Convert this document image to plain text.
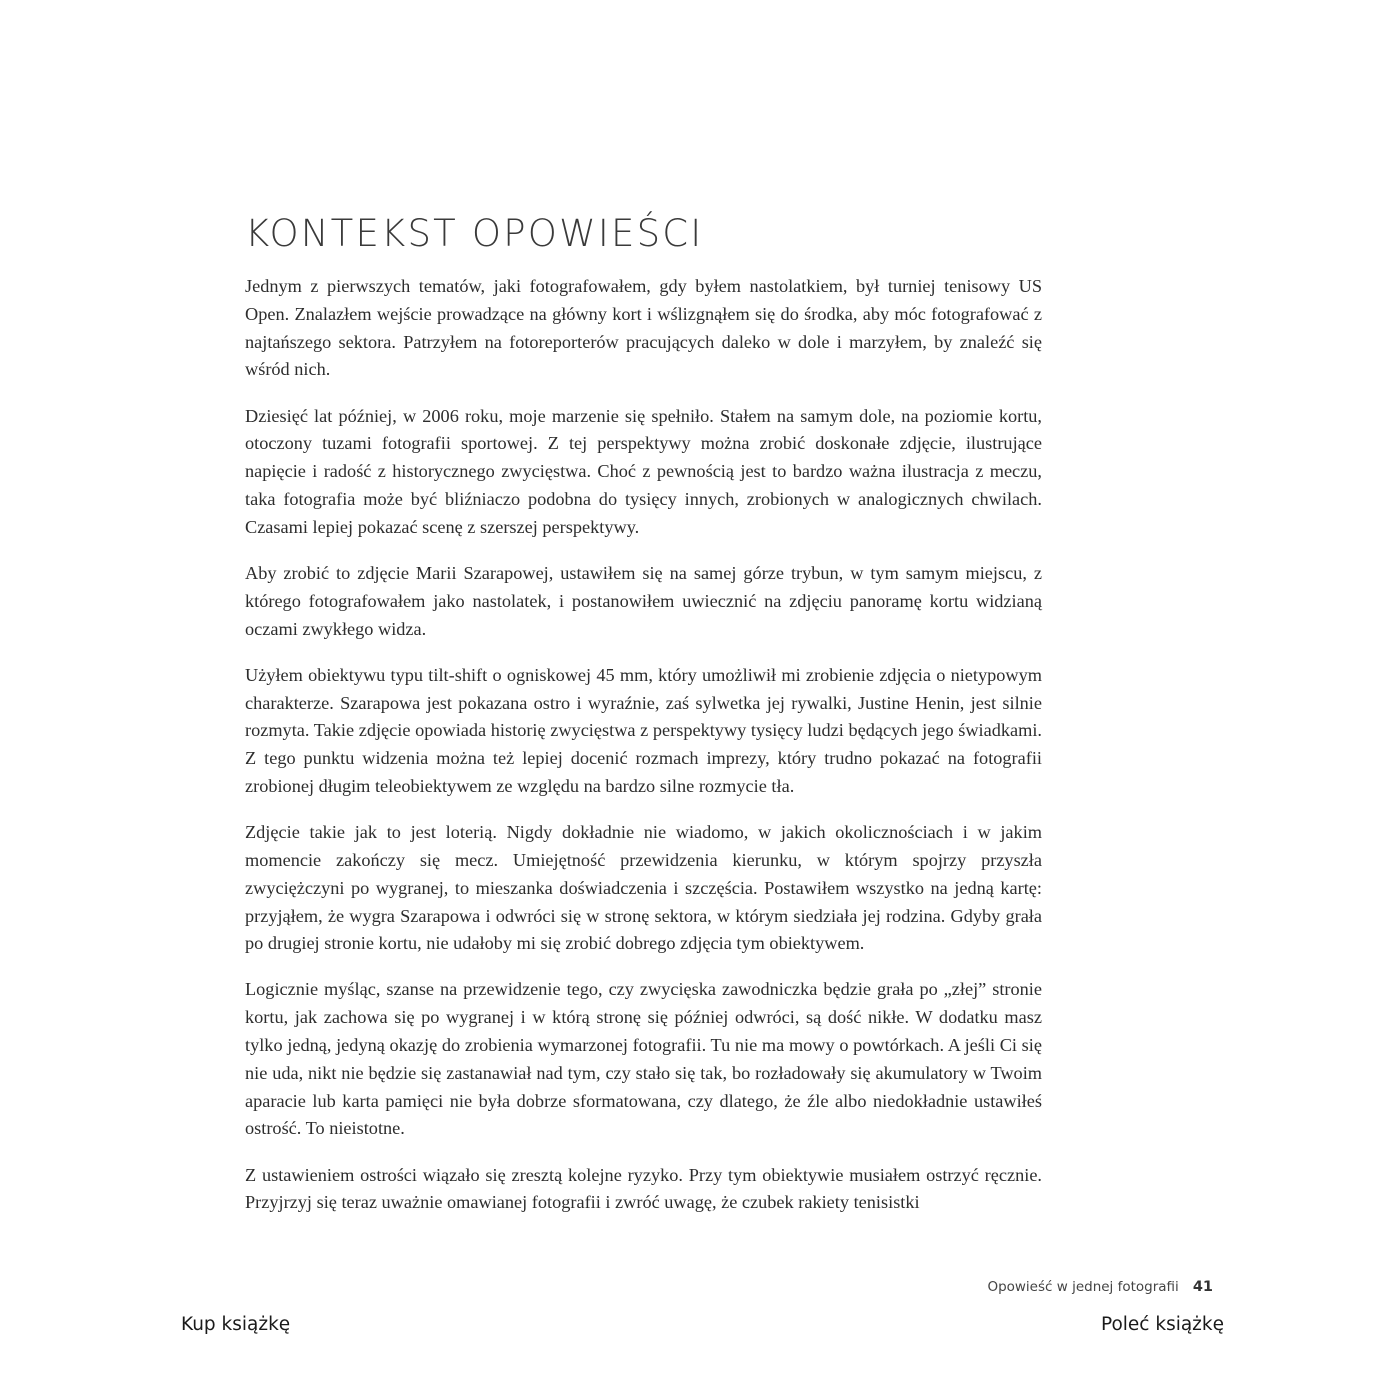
KONTEKST OPOWIEŚCI

Jednym z pierwszych tematów, jaki fotografowałem, gdy byłem nastolatkiem, był turniej tenisowy US Open. Znalazłem wejście prowadzące na główny kort i wślizgnąłem się do środka, aby móc fotografować z najtańszego sektora. Patrzyłem na fotoreporterów pracujących daleko w dole i marzyłem, by znaleźć się wśród nich.

Dziesięć lat później, w 2006 roku, moje marzenie się spełniło. Stałem na samym dole, na poziomie kortu, otoczony tuzami fotografii sportowej. Z tej perspektywy można zrobić doskonałe zdjęcie, ilustrujące napięcie i radość z historycznego zwycięstwa. Choć z pewnością jest to bardzo ważna ilustracja z meczu, taka fotografia może być bliźniaczo podobna do tysięcy innych, zrobionych w analogicznych chwilach. Czasami lepiej pokazać scenę z szerszej perspektywy.

Aby zrobić to zdjęcie Marii Szarapowej, ustawiłem się na samej górze trybun, w tym samym miejscu, z którego fotografowałem jako nastolatek, i postanowiłem uwiecznić na zdjęciu panoramę kortu widzianą oczami zwykłego widza.

Użyłem obiektywu typu tilt-shift o ogniskowej 45 mm, który umożliwił mi zrobienie zdjęcia o nietypowym charakterze. Szarapowa jest pokazana ostro i wyraźnie, zaś sylwetka jej rywalki, Justine Henin, jest silnie rozmyta. Takie zdjęcie opowiada historię zwycięstwa z perspektywy tysięcy ludzi będących jego świadkami. Z tego punktu widzenia można też lepiej docenić rozmach imprezy, który trudno pokazać na fotografii zrobionej długim teleobiektywem ze względu na bardzo silne rozmycie tła.

Zdjęcie takie jak to jest loterią. Nigdy dokładnie nie wiadomo, w jakich okolicznościach i w jakim momencie zakończy się mecz. Umiejętność przewidzenia kierunku, w którym spojrzy przyszła zwyciężczyni po wygranej, to mieszanka doświadczenia i szczęścia. Postawiłem wszystko na jedną kartę: przyjąłem, że wygra Szarapowa i odwróci się w stronę sektora, w którym siedziała jej rodzina. Gdyby grała po drugiej stronie kortu, nie udałoby mi się zrobić dobrego zdjęcia tym obiektywem.

Logicznie myśląc, szanse na przewidzenie tego, czy zwycięska zawodniczka będzie grała po „złej” stronie kortu, jak zachowa się po wygranej i w którą stronę się później odwróci, są dość nikłe. W dodatku masz tylko jedną, jedyną okazję do zrobienia wymarzonej fotografii. Tu nie ma mowy o powtórkach. A jeśli Ci się nie uda, nikt nie będzie się zastanawiał nad tym, czy stało się tak, bo rozładowały się akumulatory w Twoim aparacie lub karta pamięci nie była dobrze sformatowana, czy dlatego, że źle albo niedokładnie ustawiłeś ostrość. To nieistotne.

Z ustawieniem ostrości wiązało się zresztą kolejne ryzyko. Przy tym obiektywie musiałem ostrzyć ręcznie. Przyjrzyj się teraz uważnie omawianej fotografii i zwróć uwagę, że czubek rakiety tenisistki

Opowieść w jednej fotografii 41
Kup książkę	Poleć książkę
